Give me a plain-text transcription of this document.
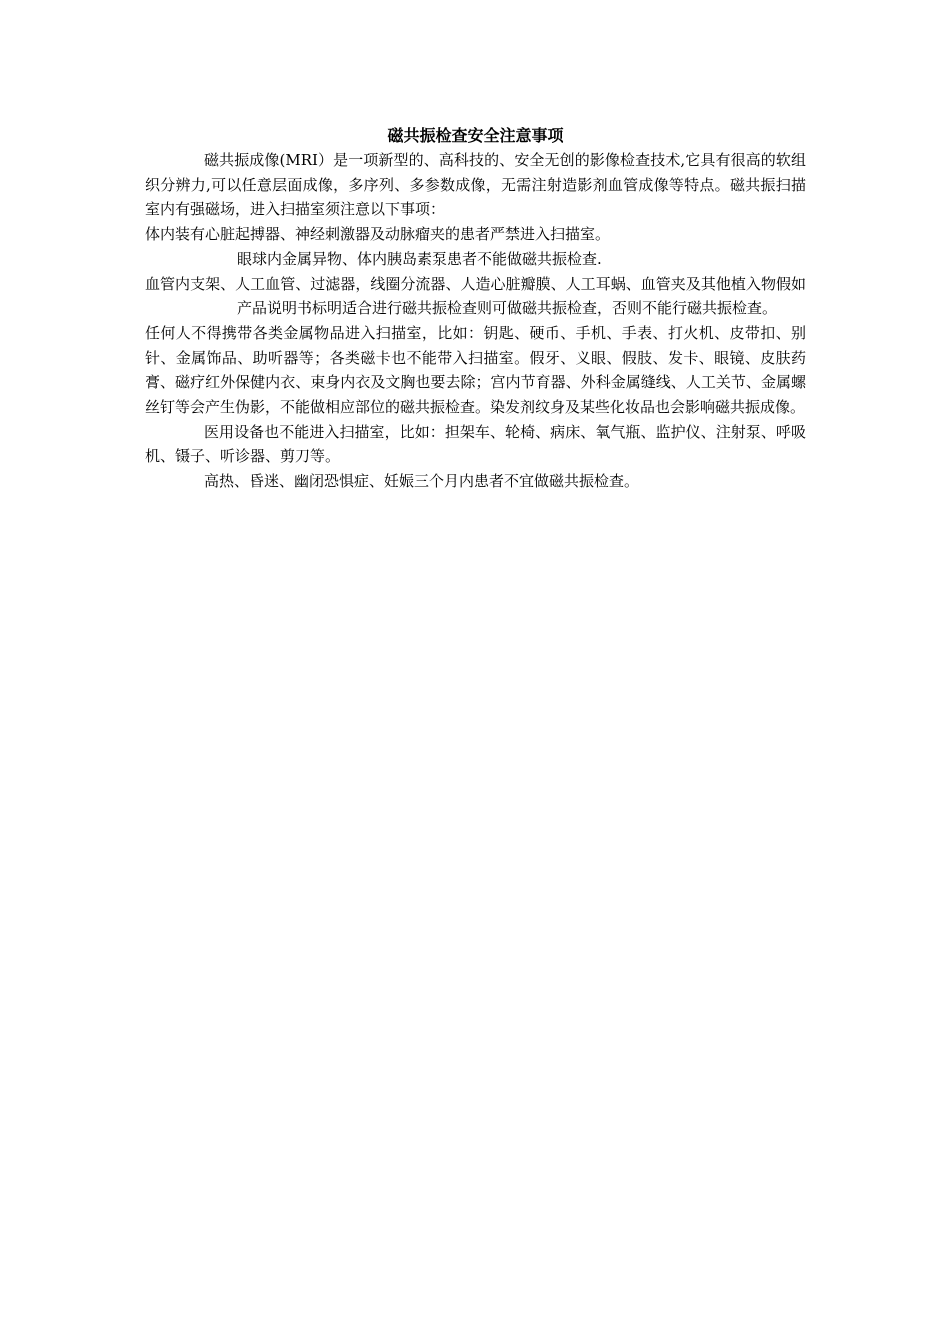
磁共振检查安全注意事项

磁共振成像(MRI）是一项新型的、高科技的、安全无创的影像检查技术,它具有很高的软组织分辨力,可以任意层面成像，多序列、多参数成像，无需注射造影剂血管成像等特点。磁共振扫描室内有强磁场，进入扫描室须注意以下事项：

体内装有心脏起搏器、神经刺激器及动脉瘤夹的患者严禁进入扫描室。

眼球内金属异物、体内胰岛素泵患者不能做磁共振检查.

血管内支架、人工血管、过滤器，线圈分流器、人造心脏瓣膜、人工耳蜗、血管夹及其他植入物假如产品说明书标明适合进行磁共振检查则可做磁共振检查，否则不能行磁共振检查。

任何人不得携带各类金属物品进入扫描室，比如：钥匙、硬币、手机、手表、打火机、皮带扣、别针、金属饰品、助听器等；各类磁卡也不能带入扫描室。假牙、义眼、假肢、发卡、眼镜、皮肤药膏、磁疗红外保健内衣、束身内衣及文胸也要去除；宫内节育器、外科金属缝线、人工关节、金属螺丝钉等会产生伪影，不能做相应部位的磁共振检查。染发剂纹身及某些化妆品也会影响磁共振成像。

医用设备也不能进入扫描室，比如：担架车、轮椅、病床、氧气瓶、监护仪、注射泵、呼吸机、镊子、听诊器、剪刀等。

高热、昏迷、幽闭恐惧症、妊娠三个月内患者不宜做磁共振检查。
